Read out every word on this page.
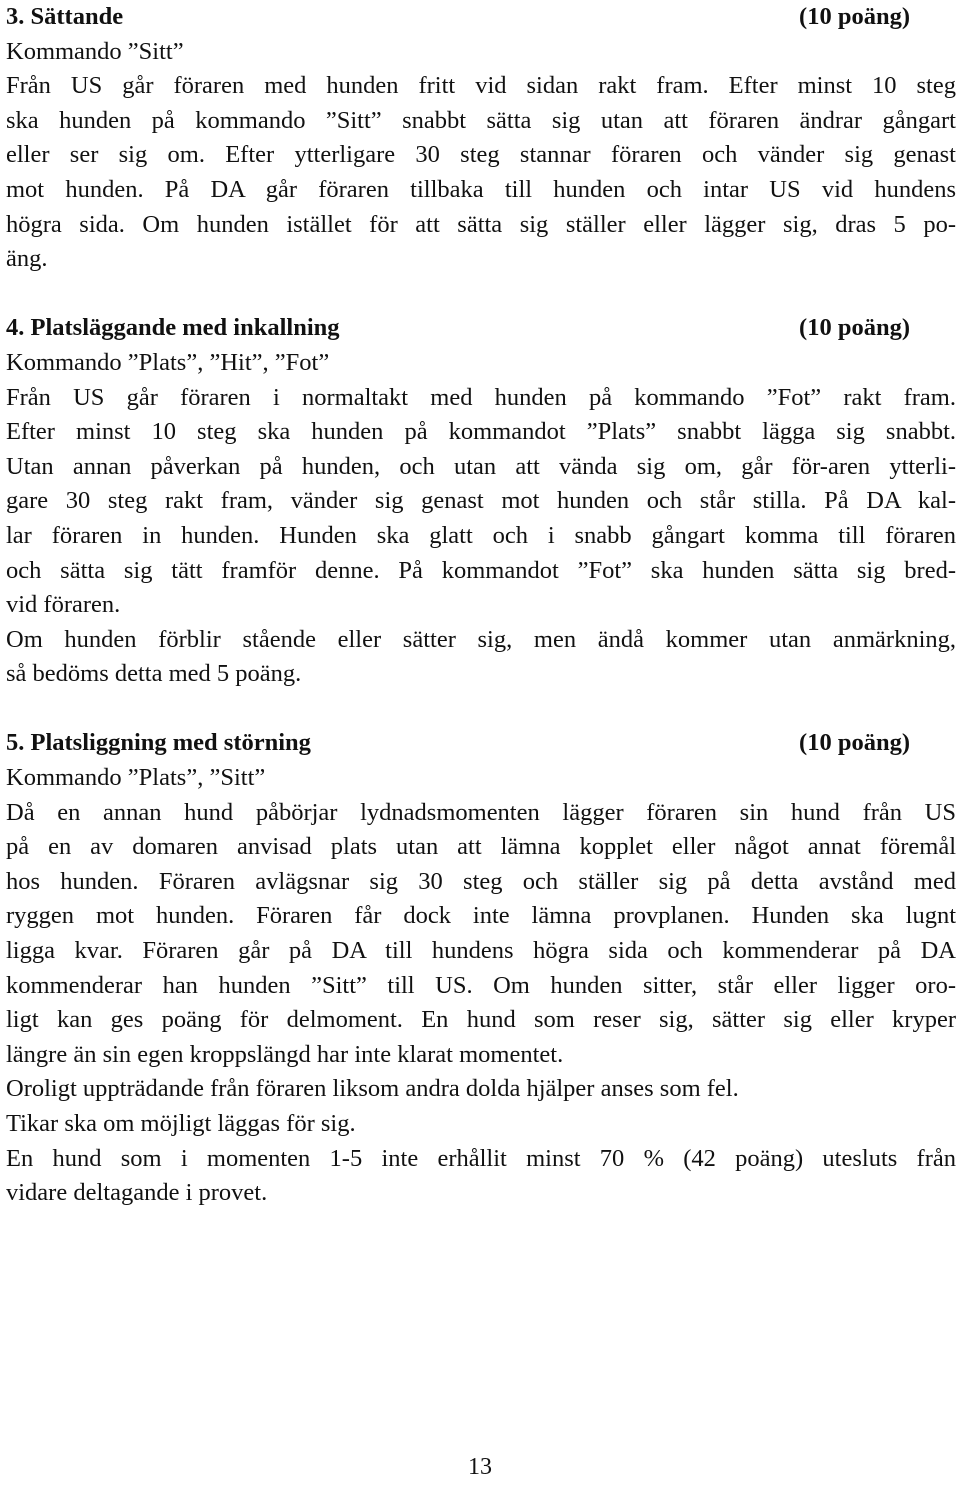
3. Sättande	(10 poäng)
Kommando ”Sitt”
Från US går föraren med hunden fritt vid sidan rakt fram. Efter minst 10 steg
ska hunden på kommando ”Sitt” snabbt sätta sig utan att föraren ändrar gångart
eller ser sig om. Efter ytterligare 30 steg stannar föraren och vänder sig genast
mot hunden. På DA går föraren tillbaka till hunden och intar US vid hundens
högra sida. Om hunden istället för att sätta sig ställer eller lägger sig, dras 5 po-
äng.
4. Platsläggande med inkallning	(10 poäng)
Kommando ”Plats”, ”Hit”, ”Fot”
Från US går föraren i normaltakt med hunden på kommando ”Fot” rakt fram.
Efter minst 10 steg ska hunden på kommandot ”Plats” snabbt lägga sig snabbt.
Utan annan påverkan på hunden, och utan att vända sig om, går för-aren ytterli-
gare 30 steg rakt fram, vänder sig genast mot hunden och står stilla. På DA kal-
lar föraren in hunden. Hunden ska glatt och i snabb gångart komma till föraren
och sätta sig tätt framför denne. På kommandot ”Fot” ska hunden sätta sig bred-
vid föraren.
Om hunden förblir stående eller sätter sig, men ändå kommer utan anmärkning,
så bedöms detta med 5 poäng.
5. Platsliggning med störning	(10 poäng)
Kommando ”Plats”, ”Sitt”
Då en annan hund påbörjar lydnadsmomenten lägger föraren sin hund från US
på en av domaren anvisad plats utan att lämna kopplet eller något annat föremål
hos hunden. Föraren avlägsnar sig 30 steg och ställer sig på detta avstånd med
ryggen mot hunden. Föraren får dock inte lämna provplanen. Hunden ska lugnt
ligga kvar. Föraren går på DA till hundens högra sida och kommenderar på DA
kommenderar han hunden ”Sitt” till US. Om hunden sitter, står eller ligger oro-
ligt kan ges poäng för delmoment. En hund som reser sig, sätter sig eller kryper
längre än sin egen kroppslängd har inte klarat momentet.
Oroligt uppträdande från föraren liksom andra dolda hjälper anses som fel.
Tikar ska om möjligt läggas för sig.
En hund som i momenten 1-5 inte erhållit minst 70 % (42 poäng) utesluts från
vidare deltagande i provet.
13
